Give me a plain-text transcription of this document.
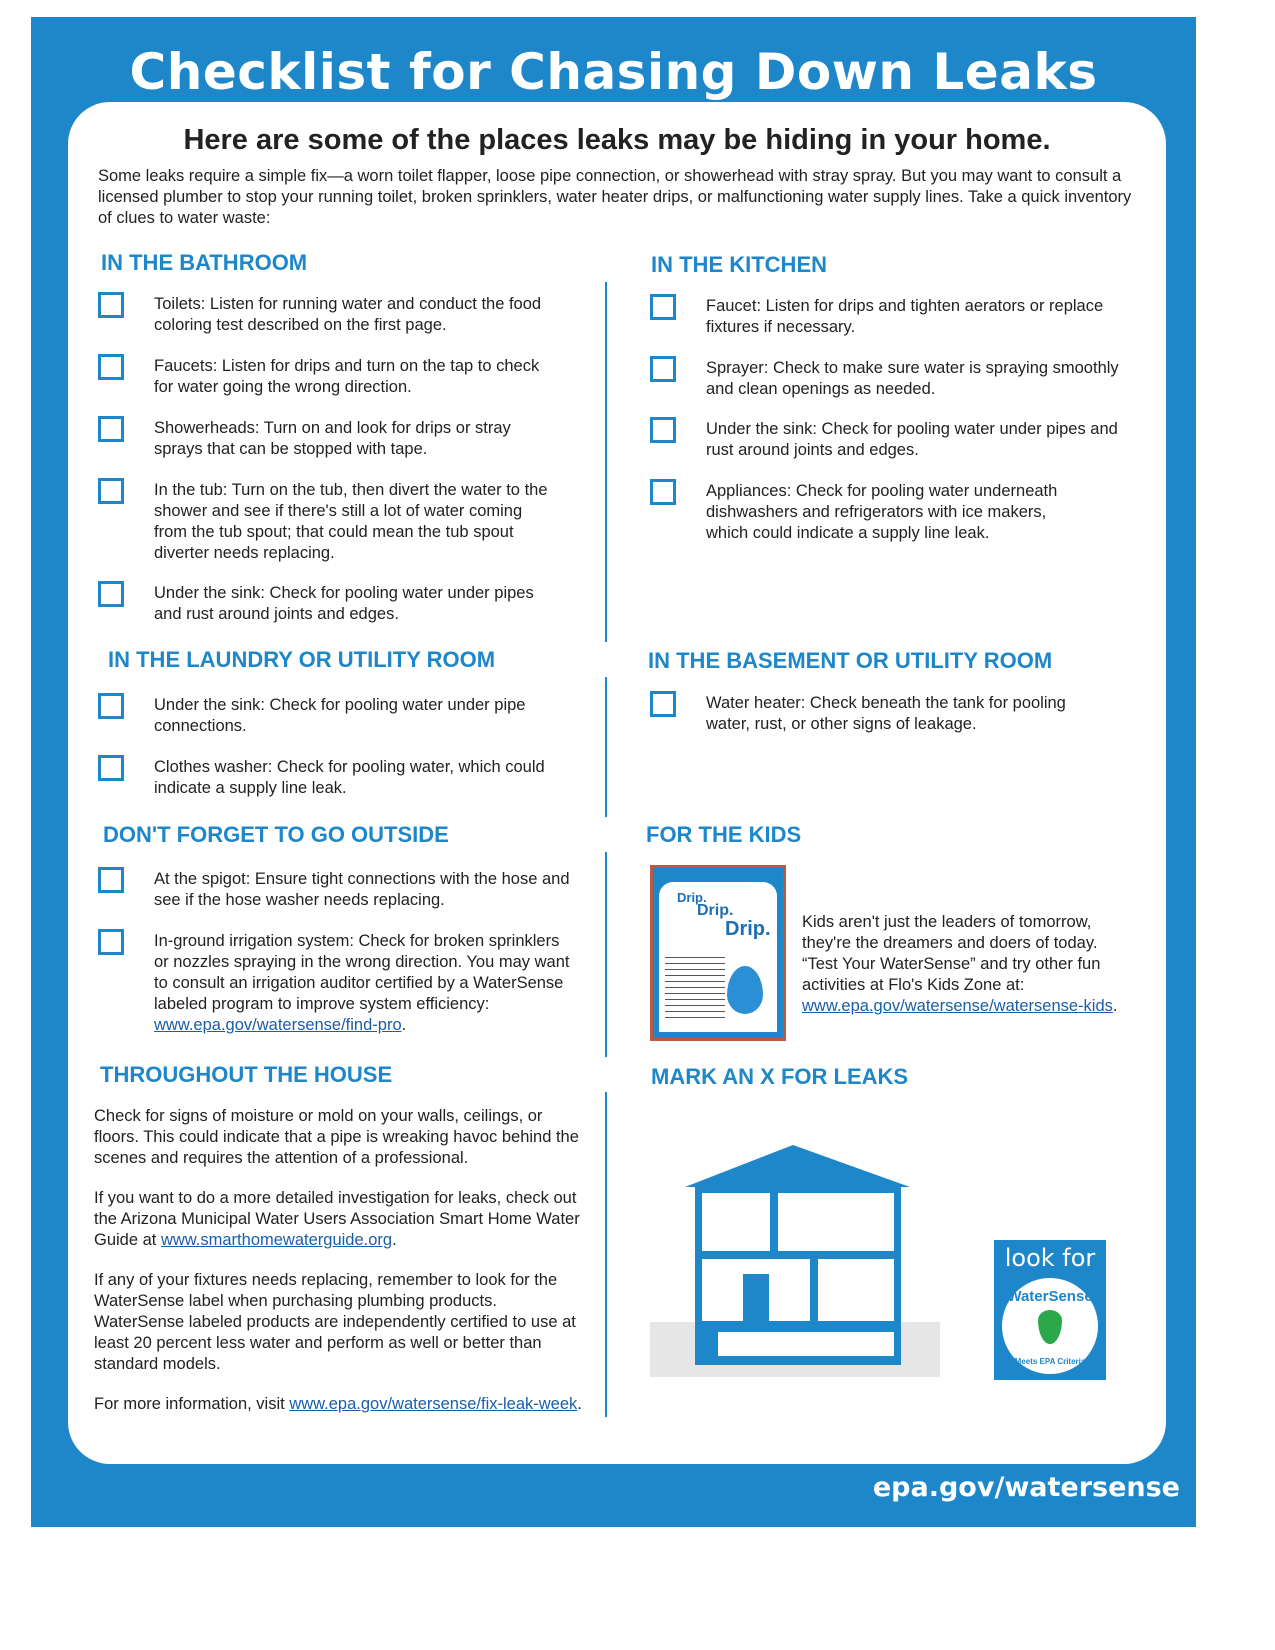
Checklist for Chasing Down Leaks
Here are some of the places leaks may be hiding in your home.
Some leaks require a simple fix—a worn toilet flapper, loose pipe connection, or showerhead with stray spray. But you may want to consult a licensed plumber to stop your running toilet, broken sprinklers, water heater drips, or malfunctioning water supply lines. Take a quick inventory of clues to water waste:
IN THE BATHROOM
Toilets: Listen for running water and conduct the food coloring test described on the first page.
Faucets: Listen for drips and turn on the tap to check for water going the wrong direction.
Showerheads: Turn on and look for drips or stray sprays that can be stopped with tape.
In the tub: Turn on the tub, then divert the water to the shower and see if there's still a lot of water coming from the tub spout; that could mean the tub spout diverter needs replacing.
Under the sink: Check for pooling water under pipes and rust around joints and edges.
IN THE KITCHEN
Faucet: Listen for drips and tighten aerators or replace fixtures if necessary.
Sprayer: Check to make sure water is spraying smoothly and clean openings as needed.
Under the sink: Check for pooling water under pipes and rust around joints and edges.
Appliances: Check for pooling water underneath dishwashers and refrigerators with ice makers, which could indicate a supply line leak.
IN THE LAUNDRY OR UTILITY ROOM
Under the sink: Check for pooling water under pipe connections.
Clothes washer: Check for pooling water, which could indicate a supply line leak.
IN THE BASEMENT OR UTILITY ROOM
Water heater: Check beneath the tank for pooling water, rust, or other signs of leakage.
DON'T FORGET TO GO OUTSIDE
At the spigot: Ensure tight connections with the hose and see if the hose washer needs replacing.
In-ground irrigation system: Check for broken sprinklers or nozzles spraying in the wrong direction. You may want to consult an irrigation auditor certified by a WaterSense labeled program to improve system efficiency: www.epa.gov/watersense/find-pro.
FOR THE KIDS
Drip.
Drip.
Drip. Kids aren't just the leaders of tomorrow, they're the dreamers and doers of today. “Test Your WaterSense” and try other fun activities at Flo's Kids Zone at: www.epa.gov/watersense/watersense-kids.
THROUGHOUT THE HOUSE
Check for signs of moisture or mold on your walls, ceilings, or floors. This could indicate that a pipe is wreaking havoc behind the scenes and requires the attention of a professional.
If you want to do a more detailed investigation for leaks, check out the Arizona Municipal Water Users Association Smart Home Water Guide at www.smarthomewaterguide.org.
If any of your fixtures needs replacing, remember to look for the WaterSense label when purchasing plumbing products. WaterSense labeled products are independently certified to use at least 20 percent less water and perform as well or better than standard models.
For more information, visit www.epa.gov/watersense/fix-leak-week.
MARK AN X FOR LEAKS
look for
WaterSense
Meets EPA Criteria
epa.gov/watersense
